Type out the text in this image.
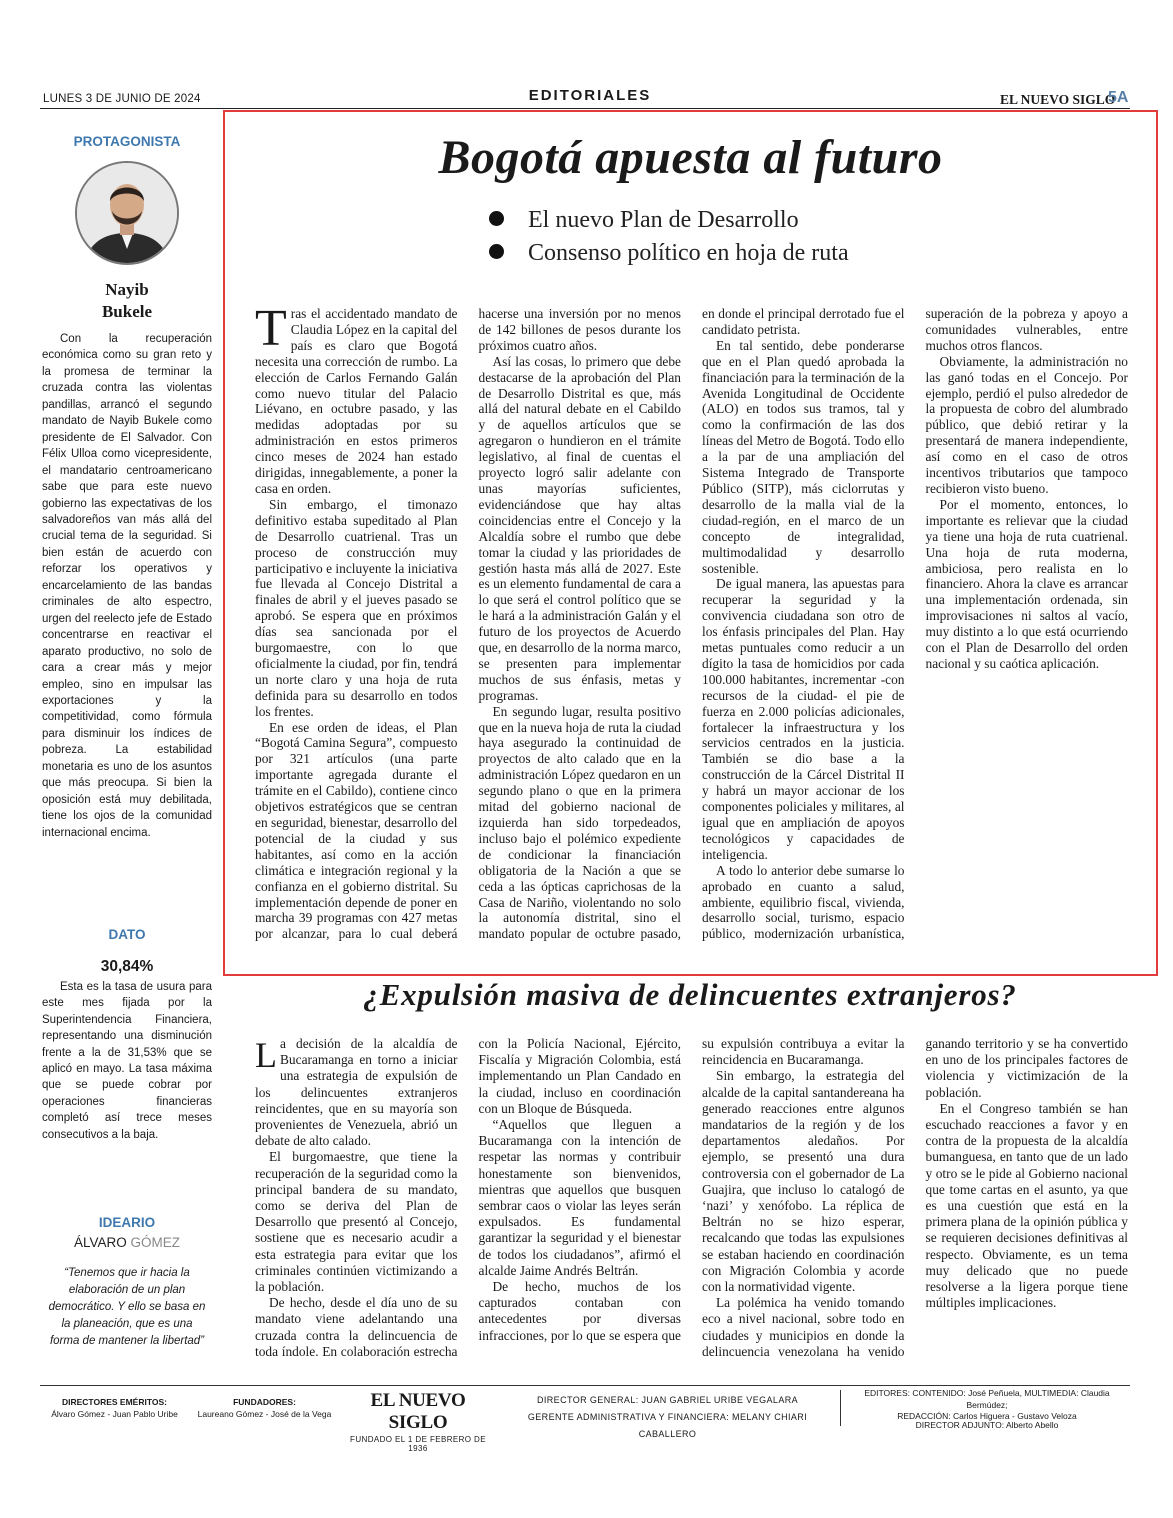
LUNES 3 DE JUNIO DE 2024	EDITORIALES	EL NUEVO SIGLO
5A
PROTAGONISTA
Nayib
Bukele
Con la recuperación económica como su gran reto y la promesa de terminar la cruzada contra las violentas pandillas, arrancó el segundo mandato de Nayib Bukele como presidente de El Salvador. Con Félix Ulloa como vicepresidente, el mandatario centroamericano sabe que para este nuevo gobierno las expectativas de los salvadoreños van más allá del crucial tema de la seguridad. Si bien están de acuerdo con reforzar los operativos y encarcelamiento de las bandas criminales de alto espectro, urgen del reelecto jefe de Estado concentrarse en reactivar el aparato productivo, no solo de cara a crear más y mejor empleo, sino en impulsar las exportaciones y la competitividad, como fórmula para disminuir los índices de pobreza. La estabilidad monetaria es uno de los asuntos que más preocupa. Si bien la oposición está muy debilitada, tiene los ojos de la comunidad internacional encima.
DATO
30,84%
Esta es la tasa de usura para este mes fijada por la Superintendencia Financiera, representando una disminución frente a la de 31,53% que se aplicó en mayo. La tasa máxima que se puede cobrar por operaciones financieras completó así trece meses consecutivos a la baja.
IDEARIO
ÁLVARO GÓMEZ
“Tenemos que ir hacia la elaboración de un plan democrático. Y ello se basa en la planeación, que es una forma de mantener la libertad”
Bogotá apuesta al futuro
El nuevo Plan de Desarrollo
Consenso político en hoja de ruta

Tras el accidentado mandato de Claudia López en la capital del país es claro que Bogotá necesita una corrección de rumbo. La elección de Carlos Fernando Galán como nuevo titular del Palacio Liévano, en octubre pasado, y las medidas adoptadas por su administración en estos primeros cinco meses de 2024 han estado dirigidas, innegablemente, a poner la casa en orden.

Sin embargo, el timonazo definitivo estaba supeditado al Plan de Desarrollo cuatrienal. Tras un proceso de construcción muy participativo e incluyente la iniciativa fue llevada al Concejo Distrital a finales de abril y el jueves pasado se aprobó. Se espera que en próximos días sea sancionada por el burgomaestre, con lo que oficialmente la ciudad, por fin, tendrá un norte claro y una hoja de ruta definida para su desarrollo en todos los frentes.

En ese orden de ideas, el Plan “Bogotá Camina Segura”, compuesto por 321 artículos (una parte importante agregada durante el trámite en el Cabildo), contiene cinco objetivos estratégicos que se centran en seguridad, bienestar, desarrollo del potencial de la ciudad y sus habitantes, así como en la acción climática e integración regional y la confianza en el gobierno distrital. Su implementación depende de poner en marcha 39 programas con 427 metas por alcanzar, para lo cual deberá hacerse una inversión por no menos de 142 billones de pesos durante los próximos cuatro años.

Así las cosas, lo primero que debe destacarse de la aprobación del Plan de Desarrollo Distrital es que, más allá del natural debate en el Cabildo y de aquellos artículos que se agregaron o hundieron en el trámite legislativo, al final de cuentas el proyecto logró salir adelante con unas mayorías suficientes, evidenciándose que hay altas coincidencias entre el Concejo y la Alcaldía sobre el rumbo que debe tomar la ciudad y las prioridades de gestión hasta más allá de 2027. Este es un elemento fundamental de cara a lo que será el control político que se le hará a la administración Galán y el futuro de los proyectos de Acuerdo que, en desarrollo de la norma marco, se presenten para implementar muchos de sus énfasis, metas y programas.

En segundo lugar, resulta positivo que en la nueva hoja de ruta la ciudad haya asegurado la continuidad de proyectos de alto calado que en la administración López quedaron en un segundo plano o que en la primera mitad del gobierno nacional de izquierda han sido torpedeados, incluso bajo el polémico expediente de condicionar la financiación obligatoria de la Nación a que se ceda a las ópticas caprichosas de la Casa de Nariño, violentando no solo la autonomía distrital, sino el mandato popular de octubre pasado, en donde el principal derrotado fue el candidato petrista.

En tal sentido, debe ponderarse que en el Plan quedó aprobada la financiación para la terminación de la Avenida Longitudinal de Occidente (ALO) en todos sus tramos, tal y como la confirmación de las dos líneas del Metro de Bogotá. Todo ello a la par de una ampliación del Sistema Integrado de Transporte Público (SITP), más ciclorrutas y desarrollo de la malla vial de la ciudad-región, en el marco de un concepto de integralidad, multimodalidad y desarrollo sostenible.

De igual manera, las apuestas para recuperar la seguridad y la convivencia ciudadana son otro de los énfasis principales del Plan. Hay metas puntuales como reducir a un dígito la tasa de homicidios por cada 100.000 habitantes, incrementar -con recursos de la ciudad- el pie de fuerza en 2.000 policías adicionales, fortalecer la infraestructura y los servicios centrados en la justicia. También se dio base a la construcción de la Cárcel Distrital II y habrá un mayor accionar de los componentes policiales y militares, al igual que en ampliación de apoyos tecnológicos y capacidades de inteligencia.

A todo lo anterior debe sumarse lo aprobado en cuanto a salud, ambiente, equilibrio fiscal, vivienda, desarrollo social, turismo, espacio público, modernización urbanística, superación de la pobreza y apoyo a comunidades vulnerables, entre muchos otros flancos.

Obviamente, la administración no las ganó todas en el Concejo. Por ejemplo, perdió el pulso alrededor de la propuesta de cobro del alumbrado público, que debió retirar y la presentará de manera independiente, así como en el caso de otros incentivos tributarios que tampoco recibieron visto bueno.

Por el momento, entonces, lo importante es relievar que la ciudad ya tiene una hoja de ruta cuatrienal. Una hoja de ruta moderna, ambiciosa, pero realista en lo financiero. Ahora la clave es arrancar una implementación ordenada, sin improvisaciones ni saltos al vacío, muy distinto a lo que está ocurriendo con el Plan de Desarrollo del orden nacional y su caótica aplicación.

¿Expulsión masiva de delincuentes extranjeros?

La decisión de la alcaldía de Bucaramanga en torno a iniciar una estrategia de expulsión de los delincuentes extranjeros reincidentes, que en su mayoría son provenientes de Venezuela, abrió un debate de alto calado.

El burgomaestre, que tiene la recuperación de la seguridad como la principal bandera de su mandato, como se deriva del Plan de Desarrollo que presentó al Concejo, sostiene que es necesario acudir a esta estrategia para evitar que los criminales continúen victimizando a la población.

De hecho, desde el día uno de su mandato viene adelantando una cruzada contra la delincuencia de toda índole. En colaboración estrecha con la Policía Nacional, Ejército, Fiscalía y Migración Colombia, está implementando un Plan Candado en la ciudad, incluso en coordinación con un Bloque de Búsqueda.

“Aquellos que lleguen a Bucaramanga con la intención de respetar las normas y contribuir honestamente son bienvenidos, mientras que aquellos que busquen sembrar caos o violar las leyes serán expulsados. Es fundamental garantizar la seguridad y el bienestar de todos los ciudadanos”, afirmó el alcalde Jaime Andrés Beltrán.

De hecho, muchos de los capturados contaban con antecedentes por diversas infracciones, por lo que se espera que su expulsión contribuya a evitar la reincidencia en Bucaramanga.

Sin embargo, la estrategia del alcalde de la capital santandereana ha generado reacciones entre algunos mandatarios de la región y de los departamentos aledaños. Por ejemplo, se presentó una dura controversia con el gobernador de La Guajira, que incluso lo catalogó de ‘nazi’ y xenófobo. La réplica de Beltrán no se hizo esperar, recalcando que todas las expulsiones se estaban haciendo en coordinación con Migración Colombia y acorde con la normatividad vigente.

La polémica ha venido tomando eco a nivel nacional, sobre todo en ciudades y municipios en donde la delincuencia venezolana ha venido ganando territorio y se ha convertido en uno de los principales factores de violencia y victimización de la población.

En el Congreso también se han escuchado reacciones a favor y en contra de la propuesta de la alcaldía bumanguesa, en tanto que de un lado y otro se le pide al Gobierno nacional que tome cartas en el asunto, ya que es una cuestión que está en la primera plana de la opinión pública y se requieren decisiones definitivas al respecto. Obviamente, es un tema muy delicado que no puede resolverse a la ligera porque tiene múltiples implicaciones.

DIRECTORES EMÉRITOS:
Álvaro Gómez - Juan Pablo Uribe
FUNDADORES:
Laureano Gómez - José de la Vega
EL NUEVO SIGLO
FUNDADO EL 1 DE FEBRERO DE 1936
DIRECTOR GENERAL: JUAN GABRIEL URIBE VEGALARA
GERENTE ADMINISTRATIVA Y FINANCIERA: MELANY CHIARI CABALLERO
EDITORES: CONTENIDO: José Peñuela, MULTIMEDIA: Claudia Bermúdez;
REDACCIÓN: Carlos Higuera - Gustavo Veloza
DIRECTOR ADJUNTO: Alberto Abello
